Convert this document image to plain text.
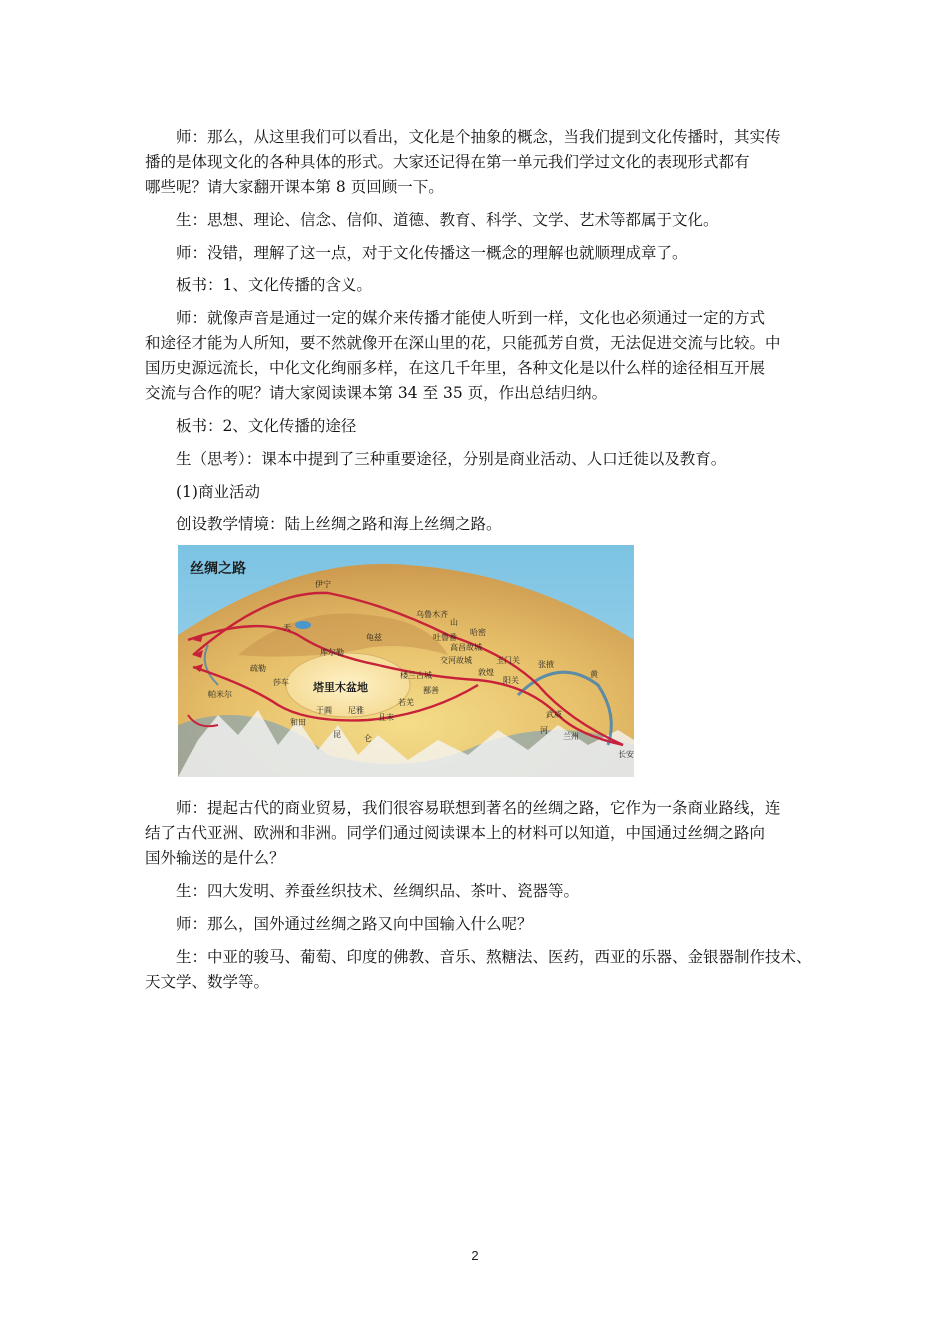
师：那么，从这里我们可以看出，文化是个抽象的概念，当我们提到文化传播时，其实传
播的是体现文化的各种具体的形式。大家还记得在第一单元我们学过文化的表现形式都有
哪些呢？请大家翻开课本第 8 页回顾一下。
生：思想、理论、信念、信仰、道德、教育、科学、文学、艺术等都属于文化。
师：没错，理解了这一点，对于文化传播这一概念的理解也就顺理成章了。
板书：1、文化传播的含义。
师：就像声音是通过一定的媒介来传播才能使人听到一样，文化也必须通过一定的方式
和途径才能为人所知，要不然就像开在深山里的花，只能孤芳自赏，无法促进交流与比较。中
国历史源远流长，中化文化绚丽多样，在这几千年里，各种文化是以什么样的途径相互开展
交流与合作的呢？请大家阅读课本第 34 至 35 页，作出总结归纳。
板书：2、文化传播的途径
生（思考）：课本中提到了三种重要途径，分别是商业活动、人口迁徙以及教育。
(1)商业活动
创设教学情境：陆上丝绸之路和海上丝绸之路。
丝绸之路
塔里木盆地
伊宁
天
乌鲁木齐
山
吐鲁番
哈密
高昌故城
交河故城
敦煌
玉门关
阳关
楼兰古城
鄯善
帕米尔
疏勒
莎车
和田
于阗 尼雅
且末
若羌
张掖
武威
兰州
长安
黄
河
库尔勒
龟兹
昆	仑
师：提起古代的商业贸易，我们很容易联想到著名的丝绸之路，它作为一条商业路线，连
结了古代亚洲、欧洲和非洲。同学们通过阅读课本上的材料可以知道，中国通过丝绸之路向
国外输送的是什么？
生：四大发明、养蚕丝织技术、丝绸织品、茶叶、瓷器等。
师：那么，国外通过丝绸之路又向中国输入什么呢？
生：中亚的骏马、葡萄、印度的佛教、音乐、熬糖法、医药，西亚的乐器、金银器制作技术、
天文学、数学等。
2
